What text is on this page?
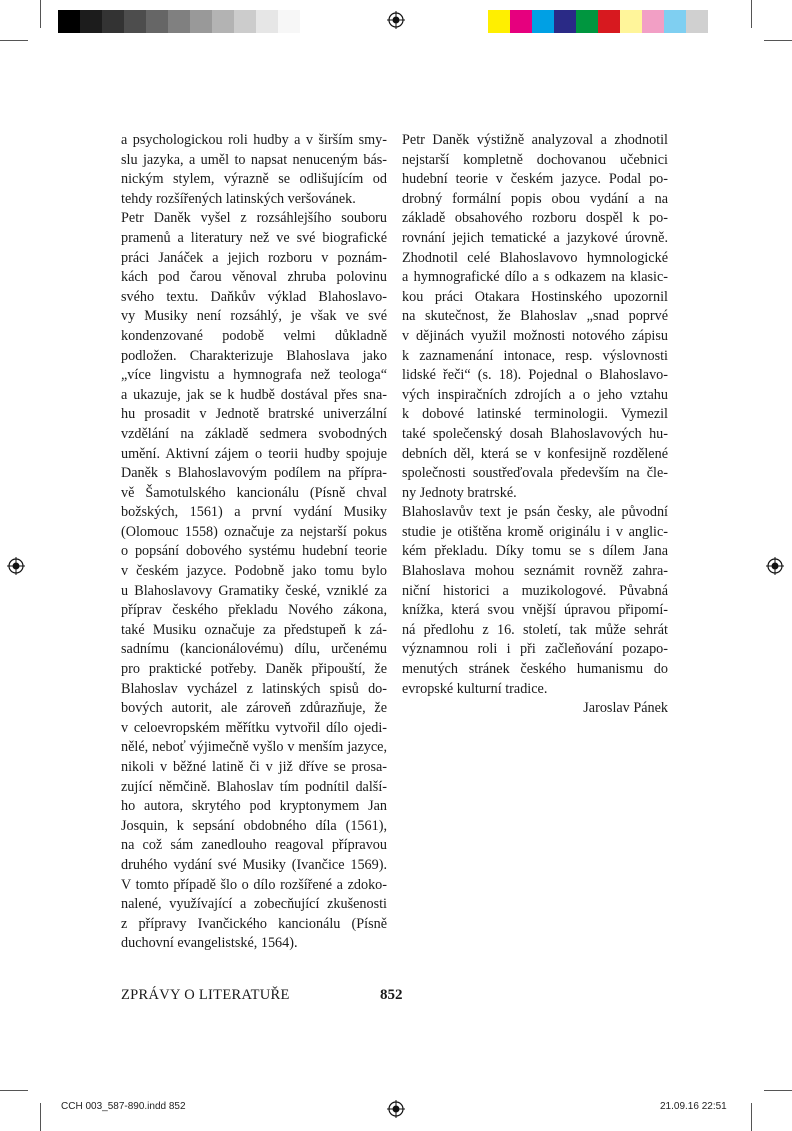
a psychologickou roli hudby a v širším smy-
slu jazyka, a uměl to napsat nenuceným bás-
nickým stylem, výrazně se odlišujícím od
tehdy rozšířených latinských veršovánek.
Petr Daněk vyšel z rozsáhlejšího souboru
pramenů a literatury než ve své biografické
práci Janáček a jejich rozboru v poznám-
kách pod čarou věnoval zhruba polovinu
svého textu. Daňkův výklad Blahoslavo-
vy Musiky není rozsáhlý, je však ve své
kondenzované podobě velmi důkladně
podložen. Charakterizuje Blahoslava jako
„více lingvistu a hymnografa než teologa“
a ukazuje, jak se k hudbě dostával přes sna-
hu prosadit v Jednotě bratrské univerzální
vzdělání na základě sedmera svobodných
umění. Aktivní zájem o teorii hudby spojuje
Daněk s Blahoslavovým podílem na přípra-
vě Šamotulského kancionálu (Písně chval
božských, 1561) a první vydání Musiky
(Olomouc 1558) označuje za nejstarší pokus
o popsání dobového systému hudební teorie
v českém jazyce. Podobně jako tomu bylo
u Blahoslavovy Gramatiky české, vzniklé za
příprav českého překladu Nového zákona,
také Musiku označuje za předstupeň k zá-
sadnímu (kancionálovému) dílu, určenému
pro praktické potřeby. Daněk připouští, že
Blahoslav vycházel z latinských spisů do-
bových autorit, ale zároveň zdůrazňuje, že
v celoevropském měřítku vytvořil dílo ojedi-
nělé, neboť výjimečně vyšlo v menším jazyce,
nikoli v běžné latině či v již dříve se prosa-
zující němčině. Blahoslav tím podnítil další-
ho autora, skrytého pod kryptonymem Jan
Josquin, k sepsání obdobného díla (1561),
na což sám zanedlouho reagoval přípravou
druhého vydání své Musiky (Ivančice 1569).
V tomto případě šlo o dílo rozšířené a zdoko-
nalené, využívající a zobecňující zkušenosti
z přípravy Ivančického kancionálu (Písně
duchovní evangelistské, 1564).
Petr Daněk výstižně analyzoval a zhodnotil
nejstarší kompletně dochovanou učebnici
hudební teorie v českém jazyce. Podal po-
drobný formální popis obou vydání a na
základě obsahového rozboru dospěl k po-
rovnání jejich tematické a jazykové úrovně.
Zhodnotil celé Blahoslavovo hymnologické
a hymnografické dílo a s odkazem na klasic-
kou práci Otakara Hostinského upozornil
na skutečnost, že Blahoslav „snad poprvé
v dějinách využil možnosti notového zápisu
k zaznamenání intonace, resp. výslovnosti
lidské řeči“ (s. 18). Pojednal o Blahoslavo-
vých inspiračních zdrojích a o jeho vztahu
k dobové latinské terminologii. Vymezil
také společenský dosah Blahoslavových hu-
debních děl, která se v konfesijně rozdělené
společnosti soustřeďovala především na čle-
ny Jednoty bratrské.
Blahoslavův text je psán česky, ale původní
studie je otištěna kromě originálu i v anglic-
kém překladu. Díky tomu se s dílem Jana
Blahoslava mohou seznámit rovněž zahra-
niční historici a muzikologové. Půvabná
knížka, která svou vnější úpravou připomí-
ná předlohu z 16. století, tak může sehrát
významnou roli i při začleňování pozapo-
menutých stránek českého humanismu do
evropské kulturní tradice.
Jaroslav Pánek
ZPRÁVY O LITERATUŘE	852
CCH 003_587-890.indd 852	21.09.16 22:51
